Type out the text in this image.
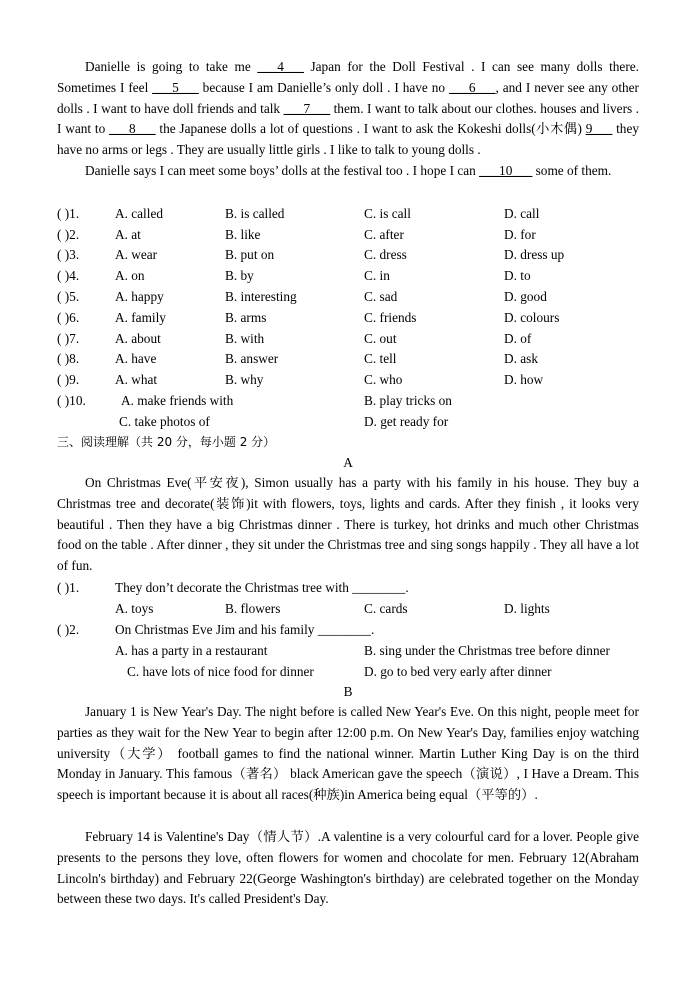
Danielle is going to take me ___4___ Japan for the Doll Festival . I can see many dolls there. Sometimes I feel ___5___ because I am Danielle’s only doll . I have no ___6___, and I never see any other dolls . I want to have doll friends and talk ___7___ them. I want to talk about our clothes. houses and livers . I want to ___8___ the Japanese dolls a lot of questions . I want to ask the Kokeshi dolls(小木偶) 9___ they have no arms or legs . They are usually little girls . I like to talk to young dolls .
Danielle says I can meet some boys’ dolls at the festival too . I hope I can ___10___ some of them.
( )1.	A. called	B. is called	C. is call	D. call
( )2.	A. at	B. like	C. after	D. for
( )3.	A. wear	B. put on	C. dress	D. dress up
( )4.	A. on	B. by	C. in	D. to
( )5.	A. happy	B. interesting	C. sad	D. good
( )6.	A. family	B. arms	C. friends	D. colours
( )7.	A. about	B. with	C. out	D. of
( )8.	A. have	B. answer	C. tell	D. ask
( )9.	A. what	B. why	C. who	D. how
( )10.	A. make friends with	B. play tricks on
C. take photos of	D. get ready for
三、阅读理解（共 20 分，每小题 2 分）
A
On Christmas Eve(平安夜), Simon usually has a party with his family in his house. They buy a Christmas tree and decorate(装饰)it with flowers, toys, lights and cards. After they finish , it looks very beautiful . Then they have a big Christmas dinner . There is turkey, hot drinks and much other Christmas food on the table . After dinner , they sit under the Christmas tree and sing songs happily . They all have a lot of fun.
( )1.	They don’t decorate the Christmas tree with ________.
A. toys	B. flowers	C. cards	D. lights
( )2.	On Christmas Eve Jim and his family ________.
A. has a party in a restaurant	B. sing under the Christmas tree before dinner
C. have lots of nice food for dinner	D. go to bed very early after dinner
B
January 1 is New Year's Day. The night before is called New Year's Eve. On this night, people meet for parties as they wait for the New Year to begin after 12:00 p.m. On New Year's Day, families enjoy watching university（大学） football games to find the national winner. Martin Luther King Day is on the third Monday in January. This famous（著名） black American gave the speech（演说）, I Have a Dream. This speech is important because it is about all races(种族)in America being equal（平等的）.
February 14 is Valentine's Day（情人节）.A valentine is a very colourful card for a lover. People give presents to the persons they love, often flowers for women and chocolate for men. February 12(Abraham Lincoln's birthday) and February 22(George Washington's birthday) are celebrated together on the Monday between these two days. It's called President's Day.
